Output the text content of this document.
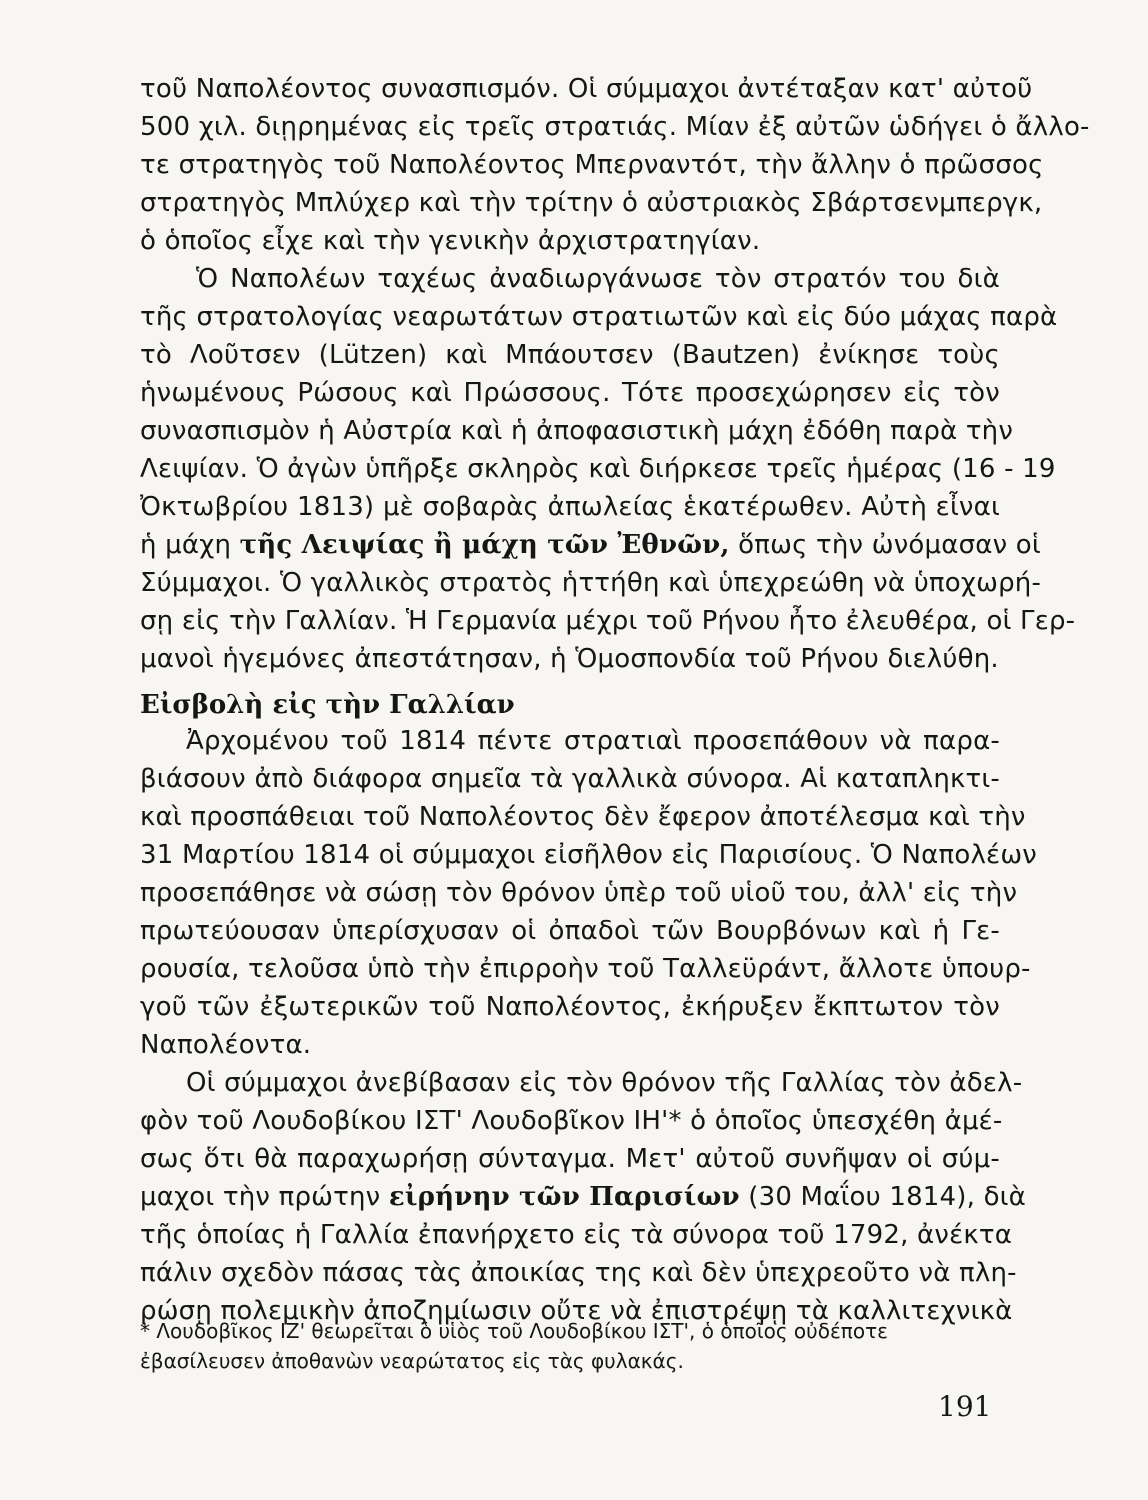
τοῦ Ναπολέοντος συνασπισμόν. Οἱ σύμμαχοι ἀντέταξαν κατ' αὐτοῦ
500 χιλ. διῃρημένας εἰς τρεῖς στρατιάς. Μίαν ἐξ αὐτῶν ὡδήγει ὁ ἄλλο-
τε στρατηγὸς τοῦ Ναπολέοντος Μπερναντότ, τὴν ἄλλην ὁ πρῶσσος
στρατηγὸς Μπλύχερ καὶ τὴν τρίτην ὁ αὐστριακὸς Σβάρτσενμπεργκ,
ὁ ὁποῖος εἶχε καὶ τὴν γενικὴν ἀρχιστρατηγίαν.
Ὁ Ναπολέων ταχέως ἀναδιωργάνωσε τὸν στρατόν του διὰ
τῆς στρατολογίας νεαρωτάτων στρατιωτῶν καὶ εἰς δύο μάχας παρὰ
τὸ Λοῦτσεν (Lützen) καὶ Μπάουτσεν (Bautzen) ἐνίκησε τοὺς
ἡνωμένους Ρώσους καὶ Πρώσσους. Τότε προσεχώρησεν εἰς τὸν
συνασπισμὸν ἡ Αὐστρία καὶ ἡ ἀποφασιστικὴ μάχη ἐδόθη παρὰ τὴν
Λειψίαν. Ὁ ἀγὼν ὑπῆρξε σκληρὸς καὶ διήρκεσε τρεῖς ἡμέρας (16 - 19
Ὀκτωβρίου 1813) μὲ σοβαρὰς ἀπωλείας ἑκατέρωθεν. Αὐτὴ εἶναι
ἡ μάχη τῆς Λειψίας ἢ μάχη τῶν Ἐθνῶν, ὅπως τὴν ὠνόμασαν οἱ
Σύμμαχοι. Ὁ γαλλικὸς στρατὸς ἡττήθη καὶ ὑπεχρεώθη νὰ ὑποχωρή-
σῃ εἰς τὴν Γαλλίαν. Ἡ Γερμανία μέχρι τοῦ Ρήνου ἦτο ἐλευθέρα, οἱ Γερ-
μανοὶ ἡγεμόνες ἀπεστάτησαν, ἡ Ὁμοσπονδία τοῦ Ρήνου διελύθη.
Εἰσβολὴ εἰς τὴν Γαλλίαν
Ἀρχομένου τοῦ 1814 πέντε στρατιαὶ προσεπάθουν νὰ παρα-
βιάσουν ἀπὸ διάφορα σημεῖα τὰ γαλλικὰ σύνορα. Αἱ καταπληκτι-
καὶ προσπάθειαι τοῦ Ναπολέοντος δὲν ἔφερον ἀποτέλεσμα καὶ τὴν
31 Μαρτίου 1814 οἱ σύμμαχοι εἰσῆλθον εἰς Παρισίους. Ὁ Ναπολέων
προσεπάθησε νὰ σώσῃ τὸν θρόνον ὑπὲρ τοῦ υἱοῦ του, ἀλλ' εἰς τὴν
πρωτεύουσαν ὑπερίσχυσαν οἱ ὀπαδοὶ τῶν Βουρβόνων καὶ ἡ Γε-
ρουσία, τελοῦσα ὑπὸ τὴν ἐπιρροὴν τοῦ Ταλλεϋράντ, ἄλλοτε ὑπουρ-
γοῦ τῶν ἐξωτερικῶν τοῦ Ναπολέοντος, ἐκήρυξεν ἔκπτωτον τὸν
Ναπολέοντα.
Οἱ σύμμαχοι ἀνεβίβασαν εἰς τὸν θρόνον τῆς Γαλλίας τὸν ἀδελ-
φὸν τοῦ Λουδοβίκου ΙΣΤ' Λουδοβῖκον ΙΗ'* ὁ ὁποῖος ὑπεσχέθη ἀμέ-
σως ὅτι θὰ παραχωρήσῃ σύνταγμα. Μετ' αὐτοῦ συνῆψαν οἱ σύμ-
μαχοι τὴν πρώτην εἰρήνην τῶν Παρισίων (30 Μαΐου 1814), διὰ
τῆς ὁποίας ἡ Γαλλία ἐπανήρχετο εἰς τὰ σύνορα τοῦ 1792, ἀνέκτα
πάλιν σχεδὸν πάσας τὰς ἀποικίας της καὶ δὲν ὑπεχρεοῦτο νὰ πλη-
ρώσῃ πολεμικὴν ἀποζημίωσιν οὔτε νὰ ἐπιστρέψῃ τὰ καλλιτεχνικὰ
* Λουδοβῖκος ΙΖ' θεωρεῖται ὁ υἱὸς τοῦ Λουδοβίκου ΙΣΤ', ὁ ὁποῖος οὐδέποτε
ἐβασίλευσεν ἀποθανὼν νεαρώτατος εἰς τὰς φυλακάς.
191
